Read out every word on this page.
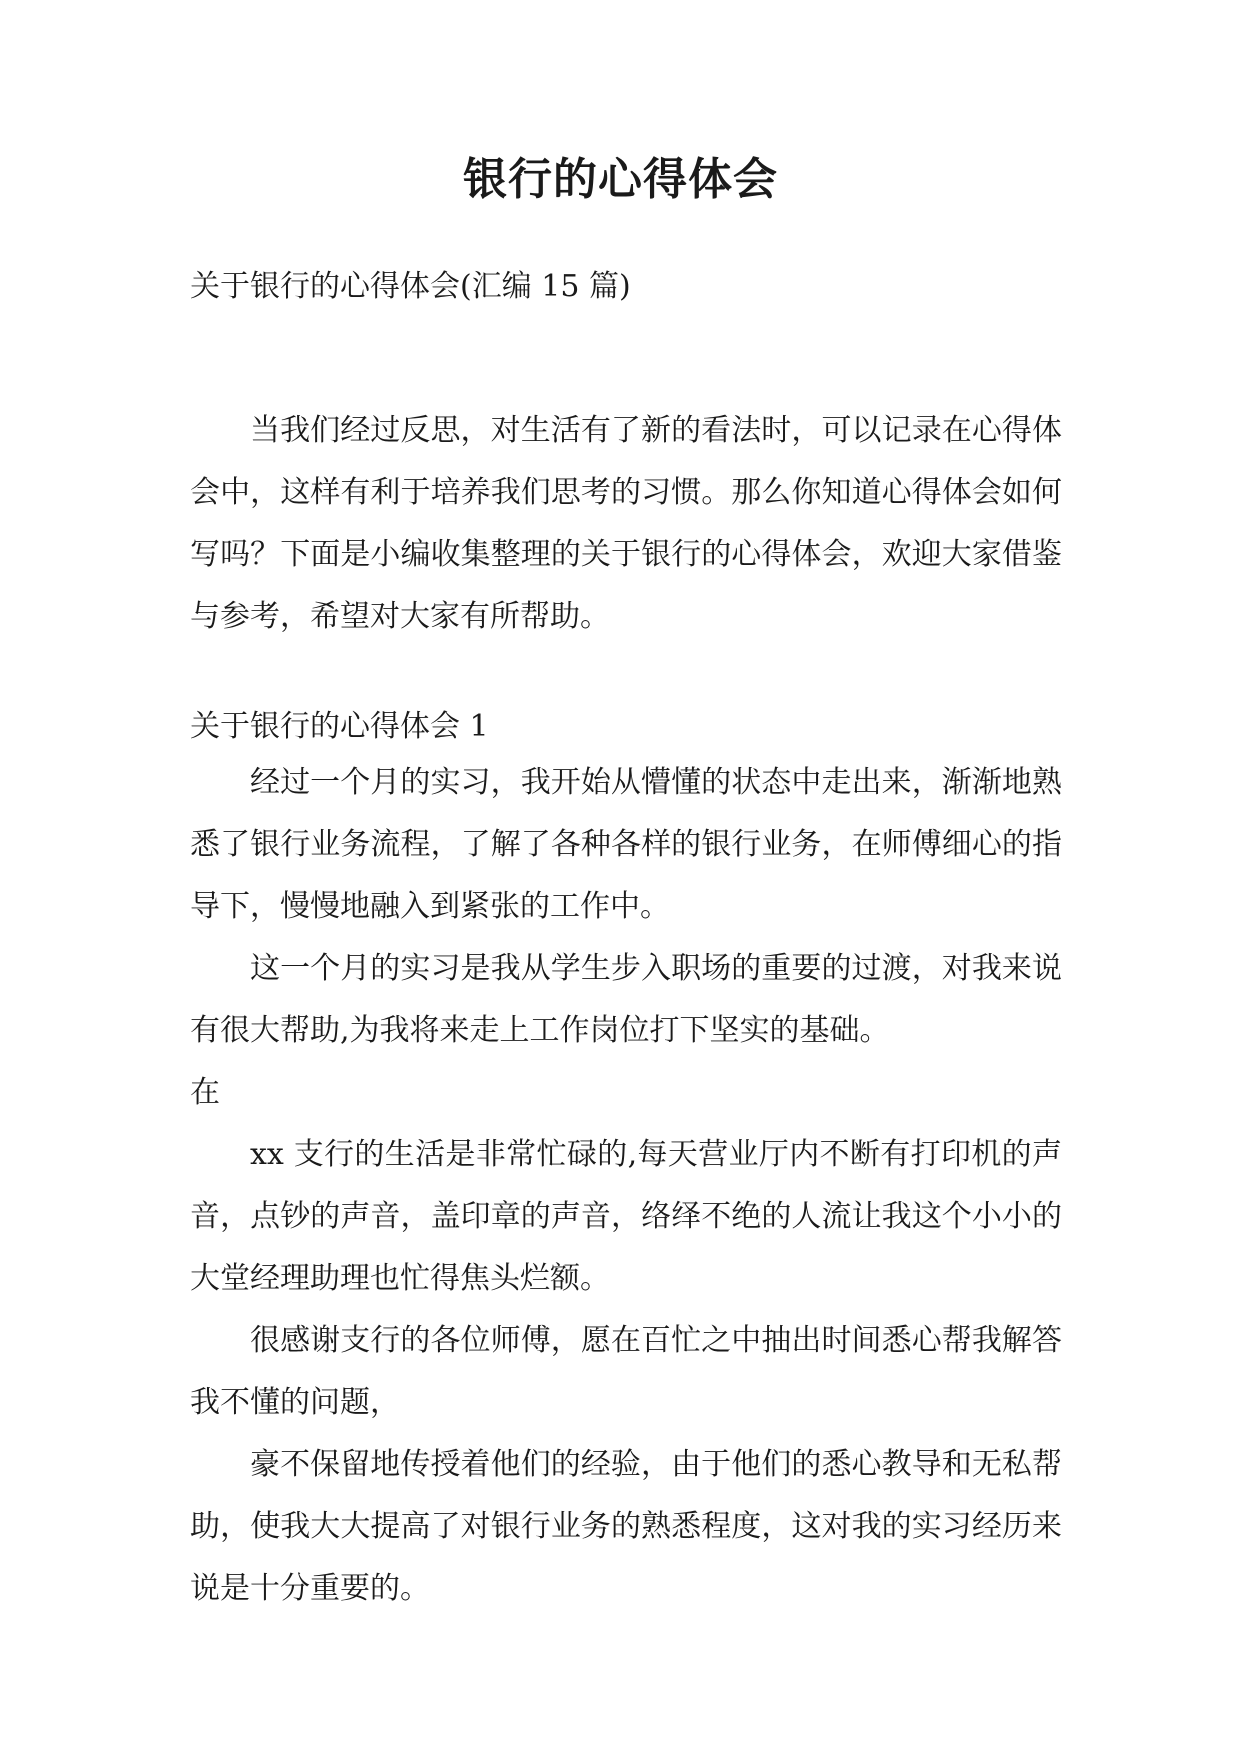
银行的心得体会
关于银行的心得体会(汇编 15 篇)

当我们经过反思，对生活有了新的看法时，可以记录在心得体会中，这样有利于培养我们思考的习惯。那么你知道心得体会如何写吗？下面是小编收集整理的关于银行的心得体会，欢迎大家借鉴与参考，希望对大家有所帮助。

关于银行的心得体会 1

经过一个月的实习，我开始从懵懂的状态中走出来，渐渐地熟悉了银行业务流程，了解了各种各样的银行业务，在师傅细心的指导下，慢慢地融入到紧张的工作中。

这一个月的实习是我从学生步入职场的重要的过渡，对我来说有很大帮助,为我将来走上工作岗位打下坚实的基础。

在

xx 支行的生活是非常忙碌的,每天营业厅内不断有打印机的声音，点钞的声音，盖印章的声音，络绎不绝的人流让我这个小小的大堂经理助理也忙得焦头烂额。

很感谢支行的各位师傅，愿在百忙之中抽出时间悉心帮我解答我不懂的问题，

豪不保留地传授着他们的经验，由于他们的悉心教导和无私帮助，使我大大提高了对银行业务的熟悉程度，这对我的实习经历来说是十分重要的。
